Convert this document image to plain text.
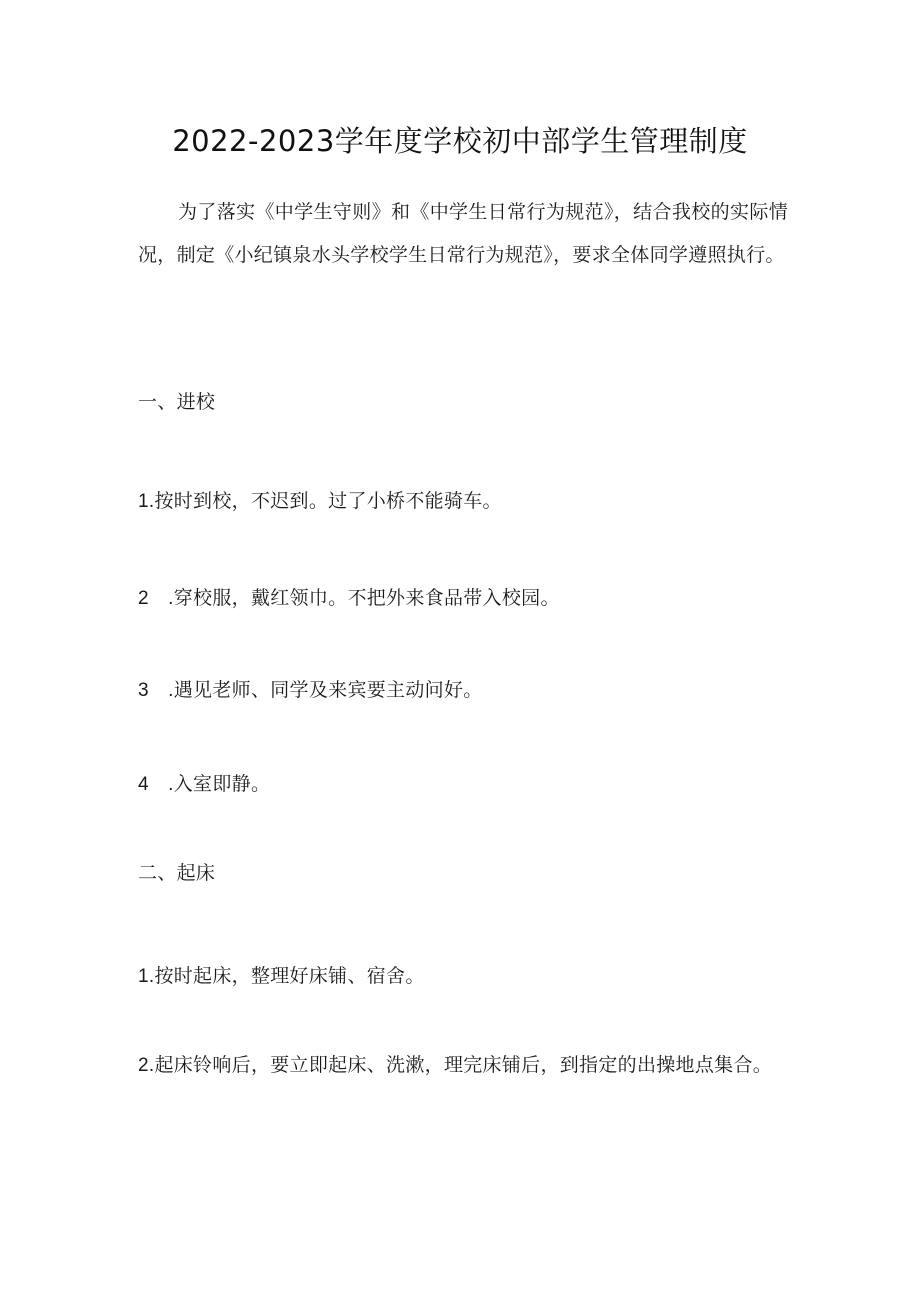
2022-2023学年度学校初中部学生管理制度
为了落实《中学生守则》和《中学生日常行为规范》，结合我校的实际情况，制定《小纪镇泉水头学校学生日常行为规范》，要求全体同学遵照执行。
一、进校
1.按时到校，不迟到。过了小桥不能骑车。
2　.穿校服，戴红领巾。不把外来食品带入校园。
3　.遇见老师、同学及来宾要主动问好。
4　.入室即静。
二、起床
1.按时起床，整理好床铺、宿舍。
2.起床铃响后，要立即起床、洗漱，理完床铺后，到指定的出操地点集合。
